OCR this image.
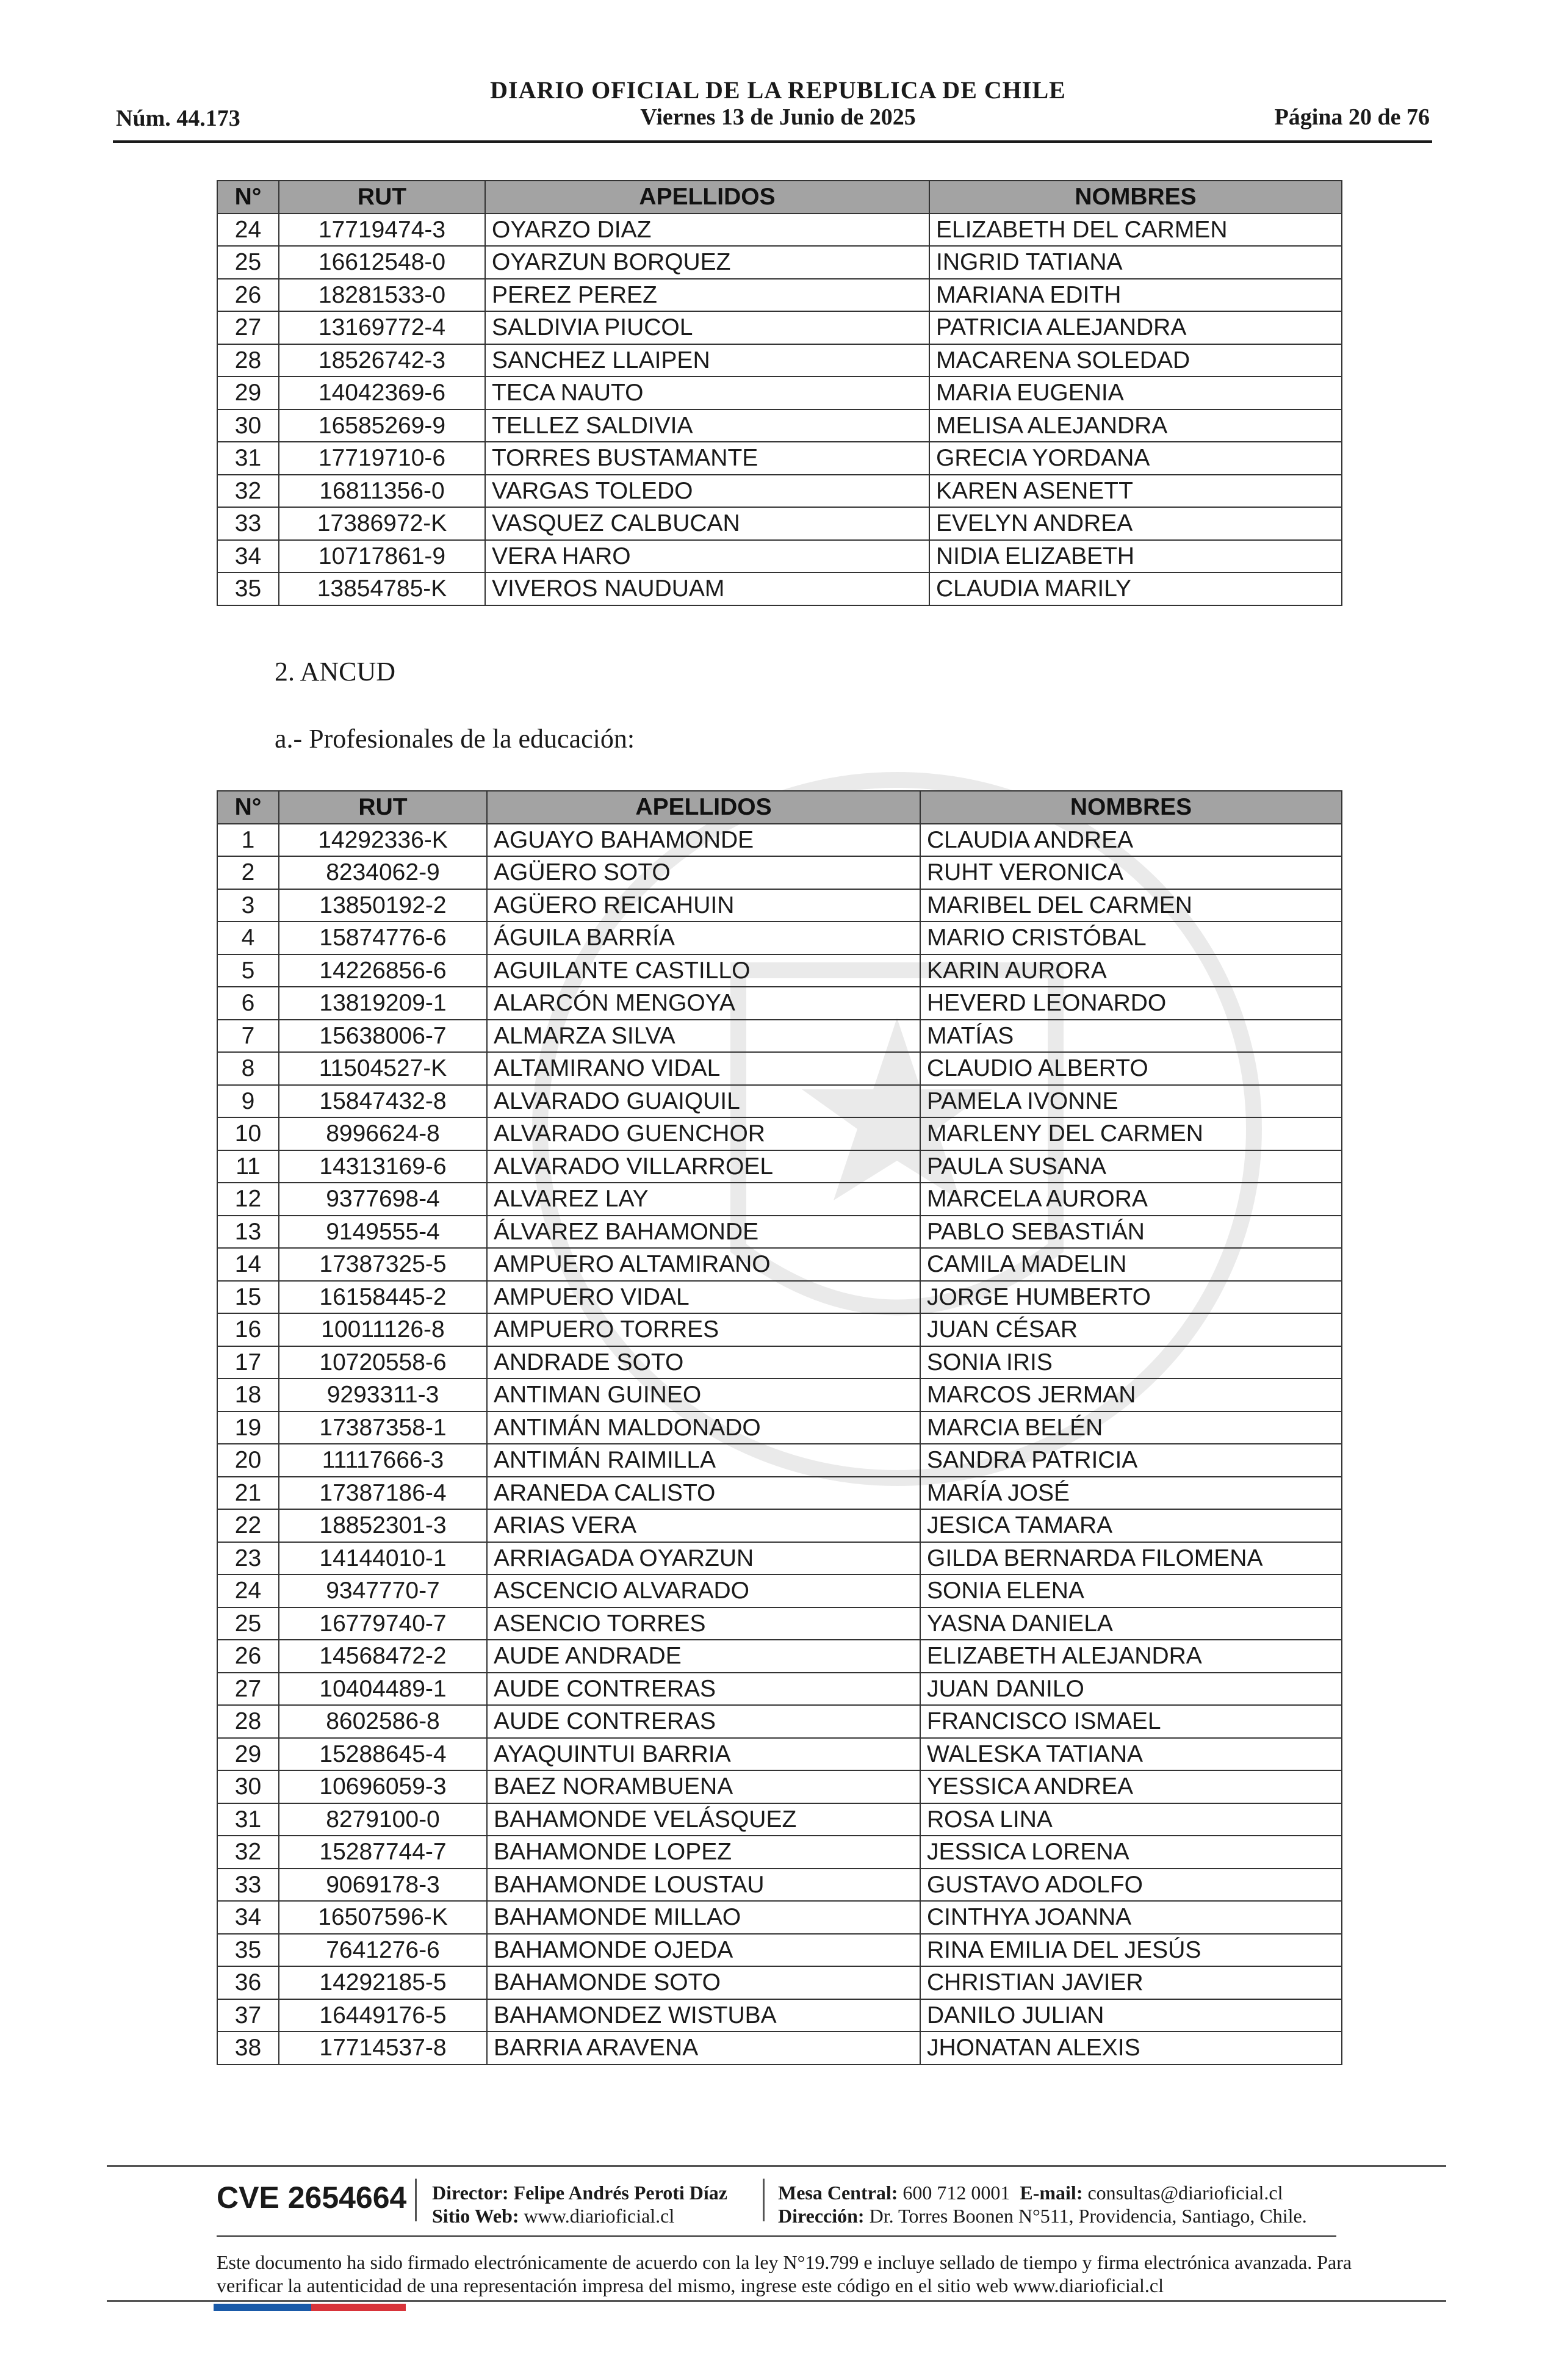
DIARIO OFICIAL DE LA REPUBLICA DE CHILE
Núm. 44.173	Viernes 13 de Junio de 2025	Página 20 de 76
N°	RUT	APELLIDOS	NOMBRES
24	17719474-3	OYARZO DIAZ	ELIZABETH DEL CARMEN
25	16612548-0	OYARZUN BORQUEZ	INGRID TATIANA
26	18281533-0	PEREZ PEREZ	MARIANA EDITH
27	13169772-4	SALDIVIA PIUCOL	PATRICIA ALEJANDRA
28	18526742-3	SANCHEZ LLAIPEN	MACARENA SOLEDAD
29	14042369-6	TECA NAUTO	MARIA EUGENIA
30	16585269-9	TELLEZ SALDIVIA	MELISA ALEJANDRA
31	17719710-6	TORRES BUSTAMANTE	GRECIA YORDANA
32	16811356-0	VARGAS TOLEDO	KAREN ASENETT
33	17386972-K	VASQUEZ CALBUCAN	EVELYN ANDREA
34	10717861-9	VERA HARO	NIDIA ELIZABETH
35	13854785-K	VIVEROS NAUDUAM	CLAUDIA MARILY
2. ANCUD
a.- Profesionales de la educación:
N°	RUT	APELLIDOS	NOMBRES
1	14292336-K	AGUAYO BAHAMONDE	CLAUDIA ANDREA
2	8234062-9	AGÜERO SOTO	RUHT VERONICA
3	13850192-2	AGÜERO REICAHUIN	MARIBEL DEL CARMEN
4	15874776-6	ÁGUILA BARRÍA	MARIO CRISTÓBAL
5	14226856-6	AGUILANTE CASTILLO	KARIN AURORA
6	13819209-1	ALARCÓN MENGOYA	HEVERD LEONARDO
7	15638006-7	ALMARZA SILVA	MATÍAS
8	11504527-K	ALTAMIRANO VIDAL	CLAUDIO ALBERTO
9	15847432-8	ALVARADO GUAIQUIL	PAMELA IVONNE
10	8996624-8	ALVARADO GUENCHOR	MARLENY DEL CARMEN
11	14313169-6	ALVARADO VILLARROEL	PAULA SUSANA
12	9377698-4	ALVAREZ LAY	MARCELA AURORA
13	9149555-4	ÁLVAREZ BAHAMONDE	PABLO SEBASTIÁN
14	17387325-5	AMPUERO ALTAMIRANO	CAMILA MADELIN
15	16158445-2	AMPUERO VIDAL	JORGE HUMBERTO
16	10011126-8	AMPUERO TORRES	JUAN CÉSAR
17	10720558-6	ANDRADE SOTO	SONIA IRIS
18	9293311-3	ANTIMAN GUINEO	MARCOS JERMAN
19	17387358-1	ANTIMÁN MALDONADO	MARCIA BELÉN
20	11117666-3	ANTIMÁN RAIMILLA	SANDRA PATRICIA
21	17387186-4	ARANEDA CALISTO	MARÍA JOSÉ
22	18852301-3	ARIAS VERA	JESICA TAMARA
23	14144010-1	ARRIAGADA OYARZUN	GILDA BERNARDA FILOMENA
24	9347770-7	ASCENCIO ALVARADO	SONIA ELENA
25	16779740-7	ASENCIO TORRES	YASNA DANIELA
26	14568472-2	AUDE ANDRADE	ELIZABETH ALEJANDRA
27	10404489-1	AUDE CONTRERAS	JUAN DANILO
28	8602586-8	AUDE CONTRERAS	FRANCISCO ISMAEL
29	15288645-4	AYAQUINTUI BARRIA	WALESKA TATIANA
30	10696059-3	BAEZ NORAMBUENA	YESSICA ANDREA
31	8279100-0	BAHAMONDE VELÁSQUEZ	ROSA LINA
32	15287744-7	BAHAMONDE LOPEZ	JESSICA LORENA
33	9069178-3	BAHAMONDE LOUSTAU	GUSTAVO ADOLFO
34	16507596-K	BAHAMONDE MILLAO	CINTHYA JOANNA
35	7641276-6	BAHAMONDE OJEDA	RINA EMILIA DEL JESÚS
36	14292185-5	BAHAMONDE SOTO	CHRISTIAN JAVIER
37	16449176-5	BAHAMONDEZ WISTUBA	DANILO JULIAN
38	17714537-8	BARRIA ARAVENA	JHONATAN ALEXIS
CVE 2654664 Director: Felipe Andrés Peroti Díaz
Sitio Web: www.diarioficial.cl
Mesa Central: 600 712 0001 E-mail: consultas@diarioficial.cl
Dirección: Dr. Torres Boonen N°511, Providencia, Santiago, Chile.
Este documento ha sido firmado electrónicamente de acuerdo con la ley N°19.799 e incluye sellado de tiempo y firma electrónica avanzada. Para verificar la autenticidad de una representación impresa del mismo, ingrese este código en el sitio web www.diarioficial.cl
